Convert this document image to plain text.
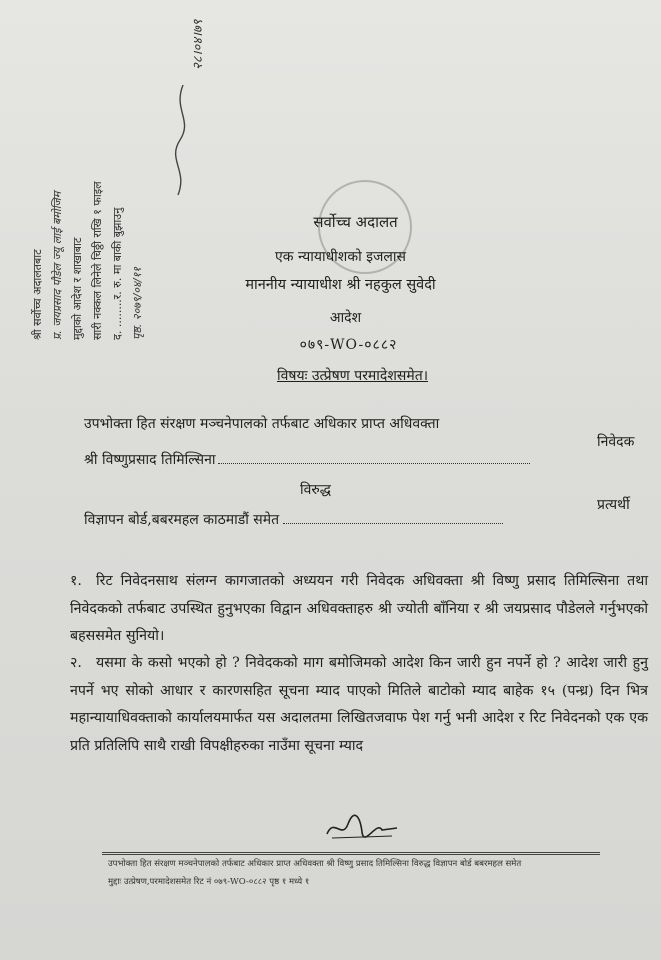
श्री सर्वोच्च अदालतबाट प्र. जयप्रसाद पौडेल ज्यू लाई बमोजिम मुद्दाको आदेश र शाखाबाट सारी नक्कल लिनेले चिठ्ठी राखि १ फाइल द. ........र. रु. मा बाकी बुझाउनु पृष्ठ. २०७९/०४/११
२८।०४।७९
सर्वोच्च अदालत
एक न्यायाधीशको इजलास
माननीय न्यायाधीश श्री नहकुल सुवेदी
आदेश
०७९-WO-०८८२
विषयः उत्प्रेषण परमादेशसमेत।
उपभोक्ता हित संरक्षण मञ्चनेपालको तर्फबाट अधिकार प्राप्त अधिवक्ता
श्री विष्णुप्रसाद तिमिल्सिना
निवेदक
विरुद्ध
प्रत्यर्थी
विज्ञापन बोर्ड,बबरमहल काठमाडौं समेत
१. रिट निवेदनसाथ संलग्न कागजातको अध्ययन गरी निवेदक अधिवक्ता श्री विष्णु प्रसाद तिमिल्सिना तथा निवेदकको तर्फबाट उपस्थित हुनुभएका विद्वान अधिवक्ताहरु श्री ज्योती बाँनिया र श्री जयप्रसाद पौडेलले गर्नुभएको बहससमेत सुनियो।
२. यसमा के कसो भएको हो ? निवेदकको माग बमोजिमको आदेश किन जारी हुन नपर्ने हो ? आदेश जारी हुनु नपर्ने भए सोको आधार र कारणसहित सूचना म्याद पाएको मितिले बाटोको म्याद बाहेक १५ (पन्ध्र) दिन भित्र महान्यायाधिवक्ताको कार्यालयमार्फत यस अदालतमा लिखितजवाफ पेश गर्नु भनी आदेश र रिट निवेदनको एक एक प्रति प्रतिलिपि साथै राखी विपक्षीहरुका नाउँमा सूचना म्याद
उपभोक्ता हित संरक्षण मञ्चनेपालको तर्फबाट अधिकार प्राप्त अधिवक्ता श्री विष्णु प्रसाद तिमिल्सिना विरुद्ध विज्ञापन बोर्ड बबरमहल समेत
मुद्दाः उत्प्रेषण,परमादेशसमेत रिट नं ०७९-WO-०८८२ पृष्ठ १ मध्ये १
